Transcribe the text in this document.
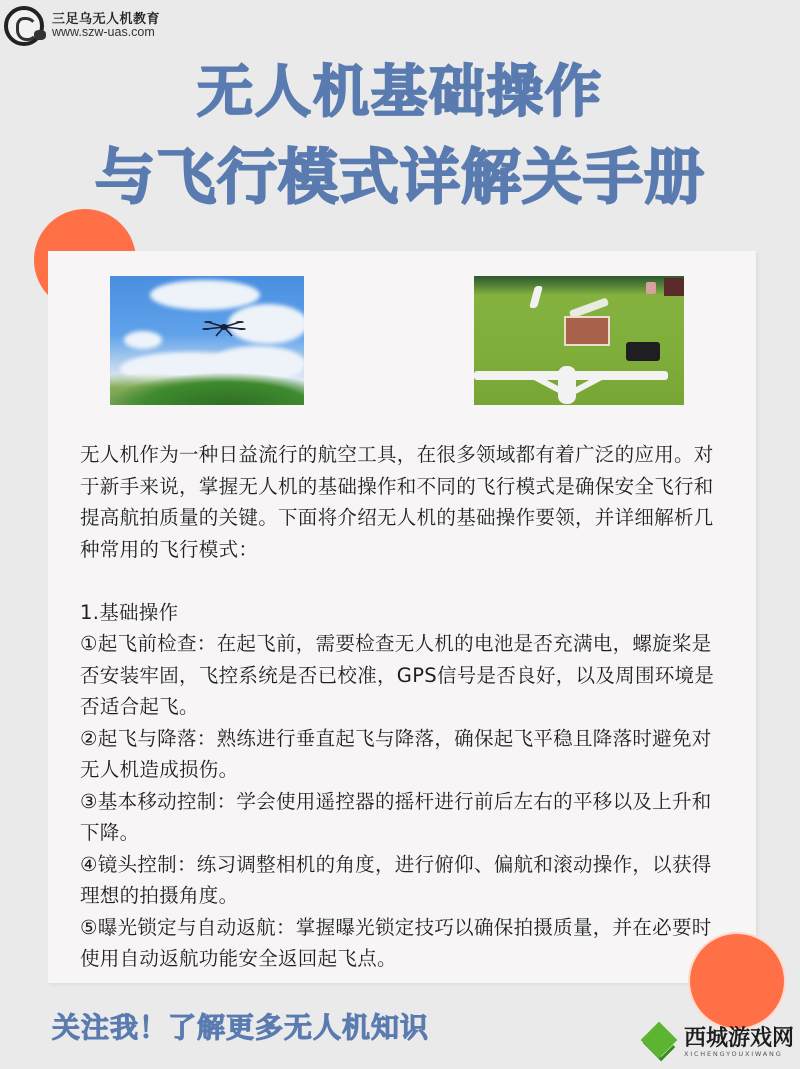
三足乌无人机教育
www.szw-uas.com
无人机基础操作
与飞行模式详解关手册

无人机作为一种日益流行的航空工具，在很多领域都有着广泛的应用。对于新手来说，掌握无人机的基础操作和不同的飞行模式是确保安全飞行和提高航拍质量的关键。下面将介绍无人机的基础操作要领，并详细解析几种常用的飞行模式：

1.基础操作

①起飞前检查：在起飞前，需要检查无人机的电池是否充满电，螺旋桨是否安装牢固，飞控系统是否已校准，GPS信号是否良好，以及周围环境是否适合起飞。

②起飞与降落：熟练进行垂直起飞与降落，确保起飞平稳且降落时避免对无人机造成损伤。

③基本移动控制：学会使用遥控器的摇杆进行前后左右的平移以及上升和下降。

④镜头控制：练习调整相机的角度，进行俯仰、偏航和滚动操作，以获得理想的拍摄角度。

⑤曝光锁定与自动返航：掌握曝光锁定技巧以确保拍摄质量，并在必要时使用自动返航功能安全返回起飞点。

关注我！了解更多无人机知识	西城游戏网
XICHENGYOUXIWANG
